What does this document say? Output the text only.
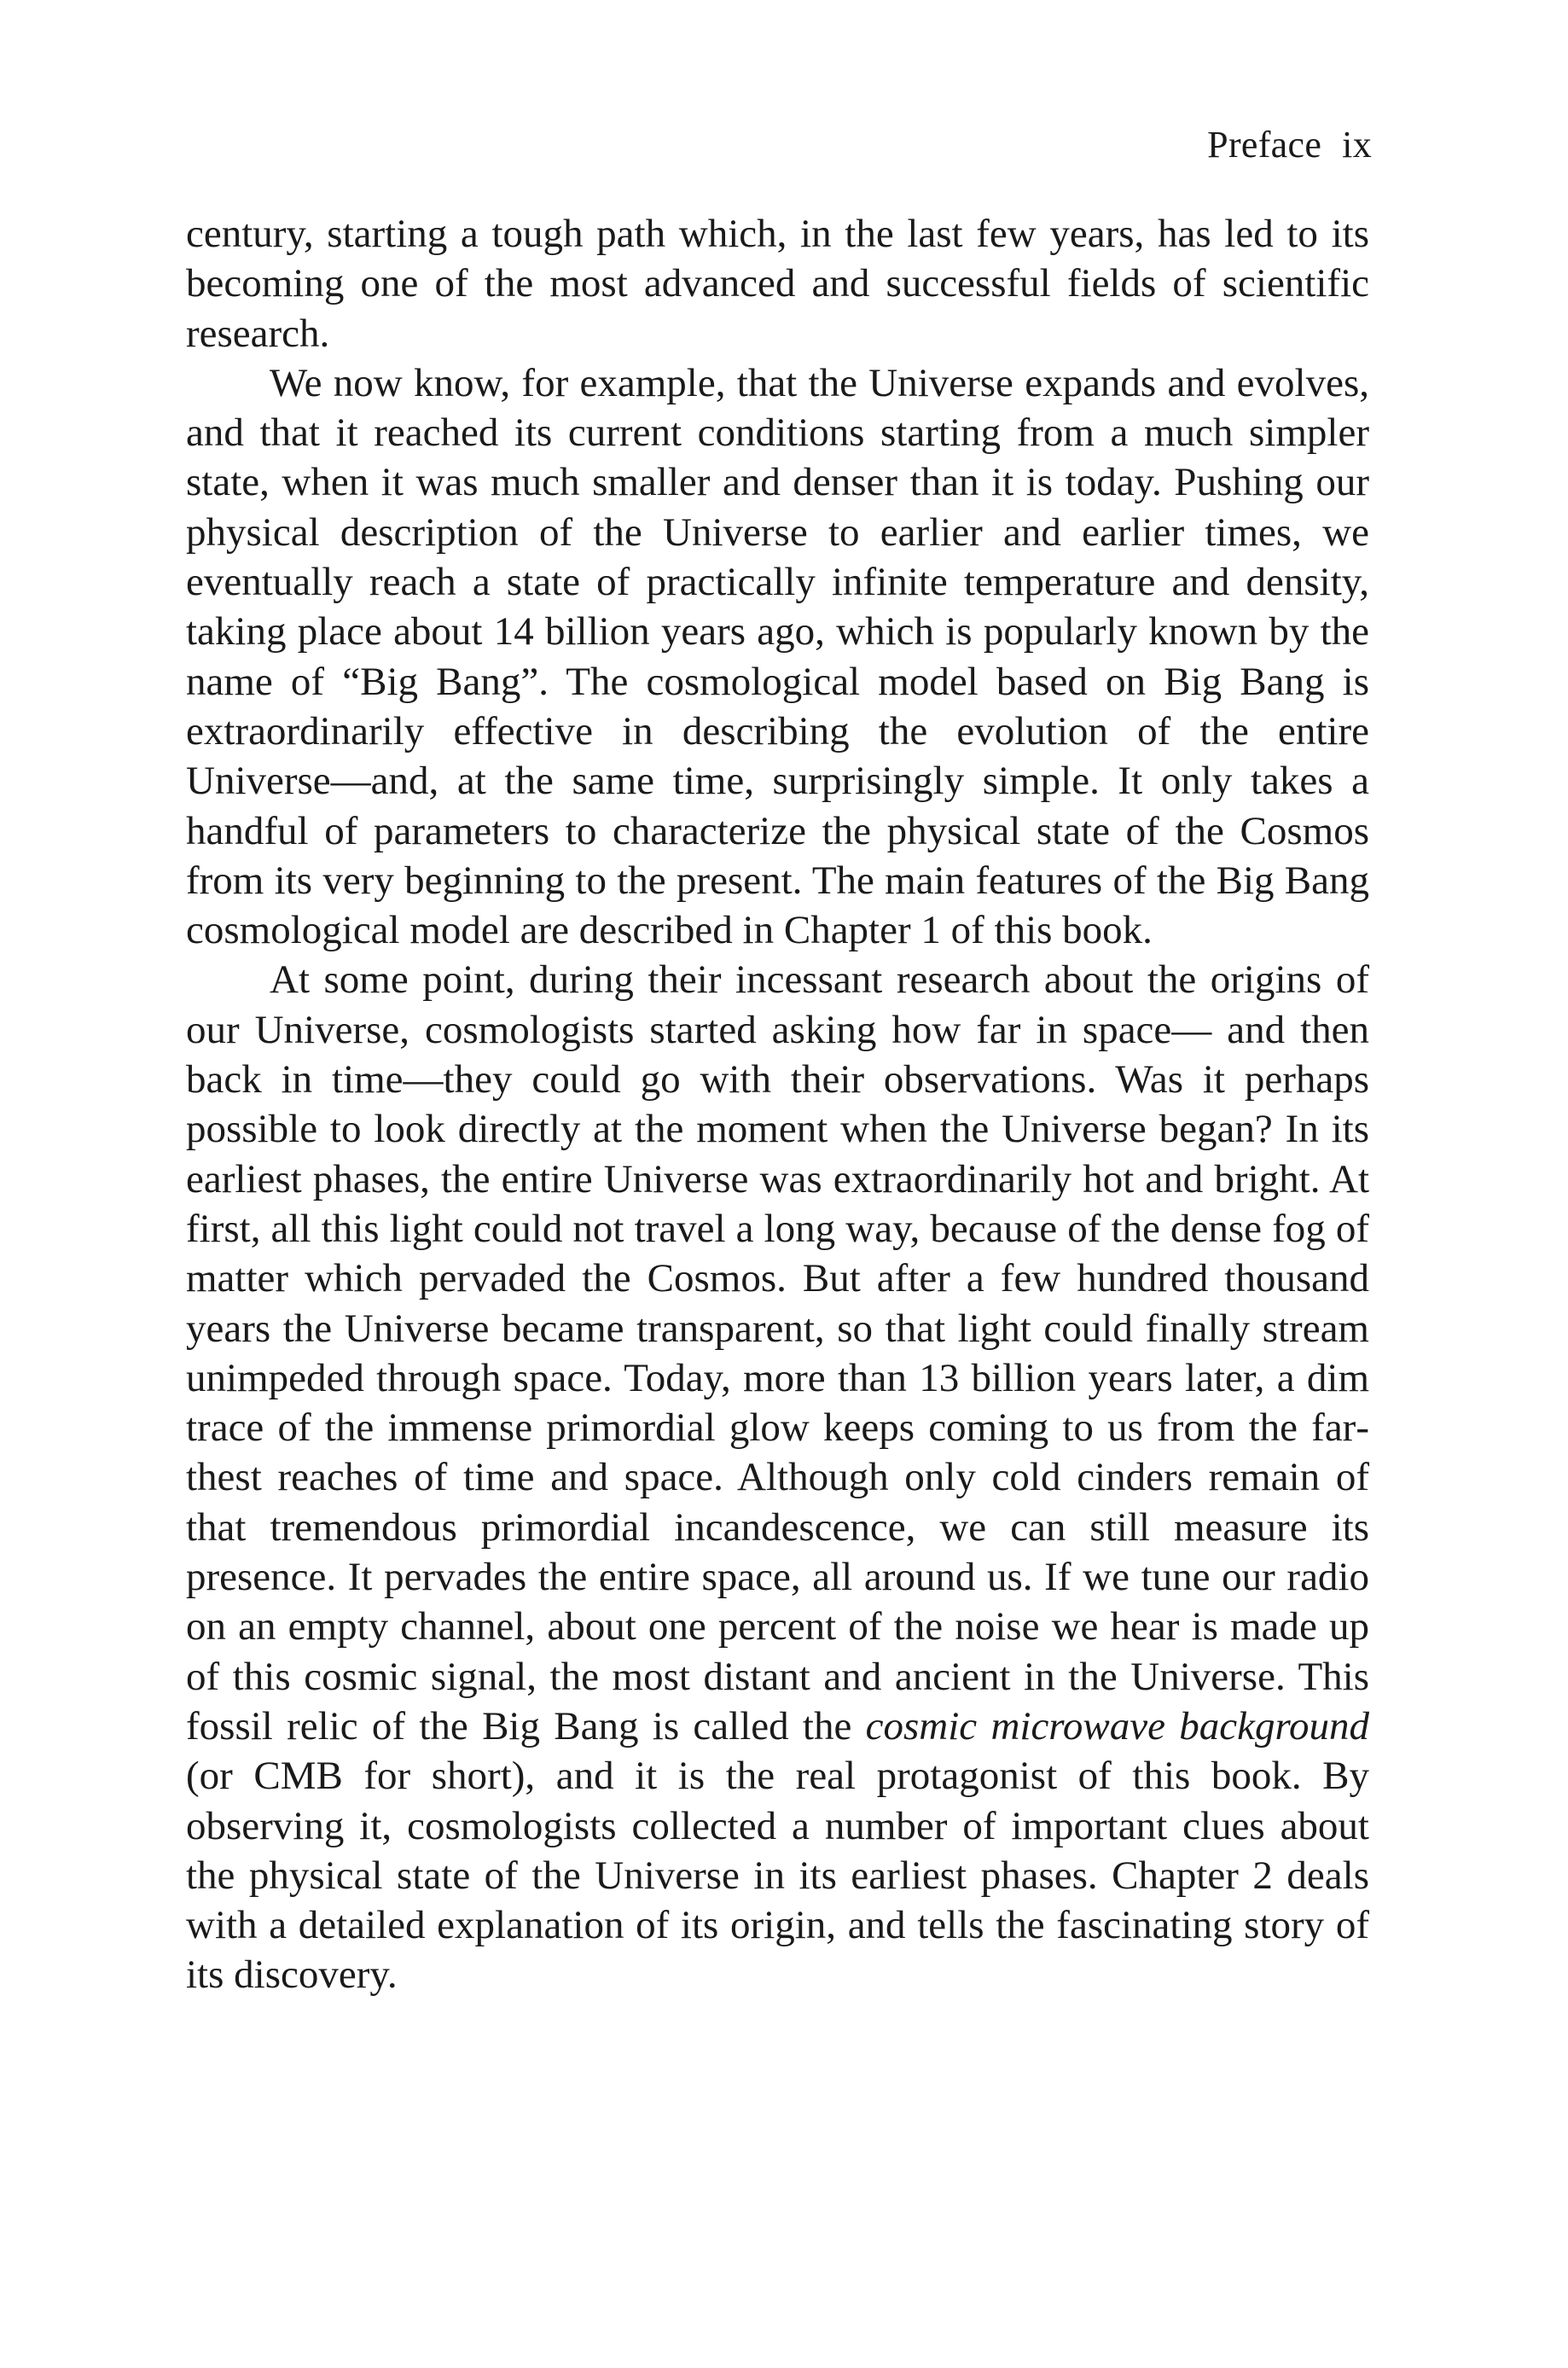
Preface ix

century, starting a tough path which, in the last few years, has led to its becoming one of the most advanced and successful fields of scientific research.

We now know, for example, that the Universe expands and evolves, and that it reached its current conditions starting from a much simpler state, when it was much smaller and denser than it is today. Pushing our physical description of the Universe to earlier and earlier times, we eventually reach a state of practically infinite temperature and density, taking place about 14 billion years ago, which is popularly known by the name of “Big Bang”. The cosmological model based on Big Bang is extraordinarily effective in describing the evolution of the entire Universe—and, at the same time, surprisingly simple. It only takes a handful of parameters to characterize the physical state of the Cosmos from its very beginning to the present. The main features of the Big Bang cosmological model are described in Chapter 1 of this book.

At some point, during their incessant research about the origins of our Universe, cosmologists started asking how far in space— and then back in time—they could go with their observations. Was it perhaps possible to look directly at the moment when the Universe began? In its earliest phases, the entire Universe was extraordinarily hot and bright. At first, all this light could not travel a long way, because of the dense fog of matter which pervaded the Cosmos. But after a few hundred thousand years the Universe became transparent, so that light could finally stream unimpeded through space. Today, more than 13 billion years later, a dim trace of the immense primordial glow keeps coming to us from the farthest reaches of time and space. Although only cold cinders remain of that tremendous primordial incandescence, we can still measure its presence. It pervades the entire space, all around us. If we tune our radio on an empty channel, about one percent of the noise we hear is made up of this cosmic signal, the most distant and ancient in the Universe. This fossil relic of the Big Bang is called the cosmic microwave background (or CMB for short), and it is the real protagonist of this book. By observing it, cosmologists collected a number of important clues about the physical state of the Universe in its earliest phases. Chapter 2 deals with a detailed explanation of its origin, and tells the fascinating story of its discovery.
